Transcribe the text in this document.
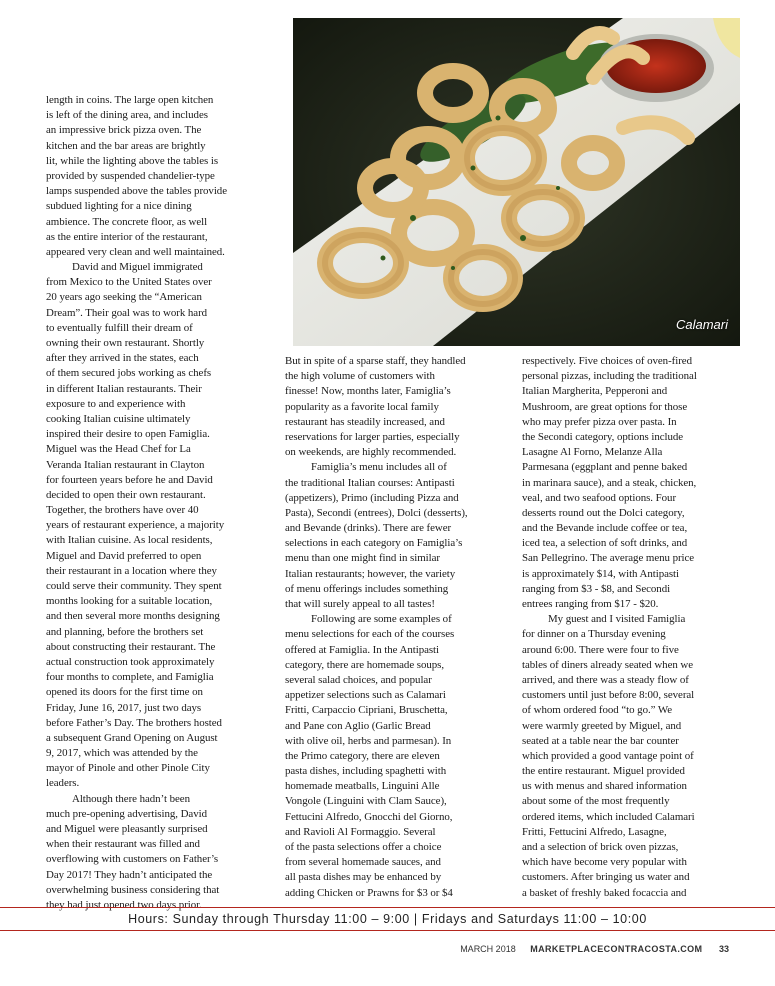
Calamari
length in coins. The large open kitchen
is left of the dining area, and includes
an impressive brick pizza oven. The
kitchen and the bar areas are brightly
lit, while the lighting above the tables is
provided by suspended chandelier-type
lamps suspended above the tables provide
subdued lighting for a nice dining
ambience. The concrete floor, as well
as the entire interior of the restaurant,
appeared very clean and well maintained.
David and Miguel immigrated
from Mexico to the United States over
20 years ago seeking the “American
Dream”. Their goal was to work hard
to eventually fulfill their dream of
owning their own restaurant. Shortly
after they arrived in the states, each
of them secured jobs working as chefs
in different Italian restaurants. Their
exposure to and experience with
cooking Italian cuisine ultimately
inspired their desire to open Famiglia.
Miguel was the Head Chef for La
Veranda Italian restaurant in Clayton
for fourteen years before he and David
decided to open their own restaurant.
Together, the brothers have over 40
years of restaurant experience, a majority
with Italian cuisine. As local residents,
Miguel and David preferred to open
their restaurant in a location where they
could serve their community. They spent
months looking for a suitable location,
and then several more months designing
and planning, before the brothers set
about constructing their restaurant. The
actual construction took approximately
four months to complete, and Famiglia
opened its doors for the first time on
Friday, June 16, 2017, just two days
before Father’s Day. The brothers hosted
a subsequent Grand Opening on August
9, 2017, which was attended by the
mayor of Pinole and other Pinole City
leaders.
Although there hadn’t been
much pre-opening advertising, David
and Miguel were pleasantly surprised
when their restaurant was filled and
overflowing with customers on Father’s
Day 2017! They hadn’t anticipated the
overwhelming business considering that
they had just opened two days prior.
But in spite of a sparse staff, they handled
the high volume of customers with
finesse! Now, months later, Famiglia’s
popularity as a favorite local family
restaurant has steadily increased, and
reservations for larger parties, especially
on weekends, are highly recommended.
Famiglia’s menu includes all of
the traditional Italian courses: Antipasti
(appetizers), Primo (including Pizza and
Pasta), Secondi (entrees), Dolci (desserts),
and Bevande (drinks). There are fewer
selections in each category on Famiglia’s
menu than one might find in similar
Italian restaurants; however, the variety
of menu offerings includes something
that will surely appeal to all tastes!
Following are some examples of
menu selections for each of the courses
offered at Famiglia. In the Antipasti
category, there are homemade soups,
several salad choices, and popular
appetizer selections such as Calamari
Fritti, Carpaccio Cipriani, Bruschetta,
and Pane con Aglio (Garlic Bread
with olive oil, herbs and parmesan). In
the Primo category, there are eleven
pasta dishes, including spaghetti with
homemade meatballs, Linguini Alle
Vongole (Linguini with Clam Sauce),
Fettucini Alfredo, Gnocchi del Giorno,
and Ravioli Al Formaggio. Several
of the pasta selections offer a choice
from several homemade sauces, and
all pasta dishes may be enhanced by
adding Chicken or Prawns for $3 or $4
respectively. Five choices of oven-fired
personal pizzas, including the traditional
Italian Margherita, Pepperoni and
Mushroom, are great options for those
who may prefer pizza over pasta. In
the Secondi category, options include
Lasagne Al Forno, Melanze Alla
Parmesana (eggplant and penne baked
in marinara sauce), and a steak, chicken,
veal, and two seafood options. Four
desserts round out the Dolci category,
and the Bevande include coffee or tea,
iced tea, a selection of soft drinks, and
San Pellegrino. The average menu price
is approximately $14, with Antipasti
ranging from $3 - $8, and Secondi
entrees ranging from $17 - $20.
My guest and I visited Famiglia
for dinner on a Thursday evening
around 6:00. There were four to five
tables of diners already seated when we
arrived, and there was a steady flow of
customers until just before 8:00, several
of whom ordered food “to go.” We
were warmly greeted by Miguel, and
seated at a table near the bar counter
which provided a good vantage point of
the entire restaurant. Miguel provided
us with menus and shared information
about some of the most frequently
ordered items, which included Calamari
Fritti, Fettucini Alfredo, Lasagne,
and a selection of brick oven pizzas,
which have become very popular with
customers. After bringing us water and
a basket of freshly baked focaccia and
Hours: Sunday through Thursday 11:00 – 9:00 | Fridays and Saturdays 11:00 – 10:00
MARCH 2018 MARKETPLACECONTRACOSTA.COM 33
